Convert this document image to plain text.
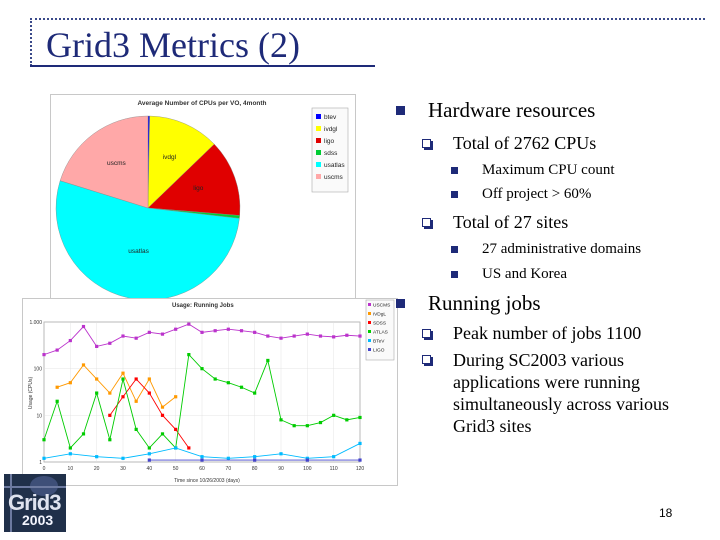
Grid3 Metrics (2)
Average Number of CPUs per VO, 4month
ligo
ivdgl
usatlas
uscms
btev
ivdgl
ligo
sdss
usatlas
uscms
Usage: Running Jobs
0	10	20	30	40	50	60	70	80	90	100	110	120
1
10
100
1.000
USCMS
iVDgL
SDSS
ATLAS
BTeV
LIGO
Time since 10/26/2003 (days)
Usage (CPUs)
Hardware resources
Total of 2762 CPUs
Maximum CPU count
Off project > 60%
Total of 27 sites
27 administrative domains
US and Korea
Running jobs
Peak number of jobs 1100
During SC2003 various applications were running simultaneously across various Grid3 sites
Grid3
2003	18
